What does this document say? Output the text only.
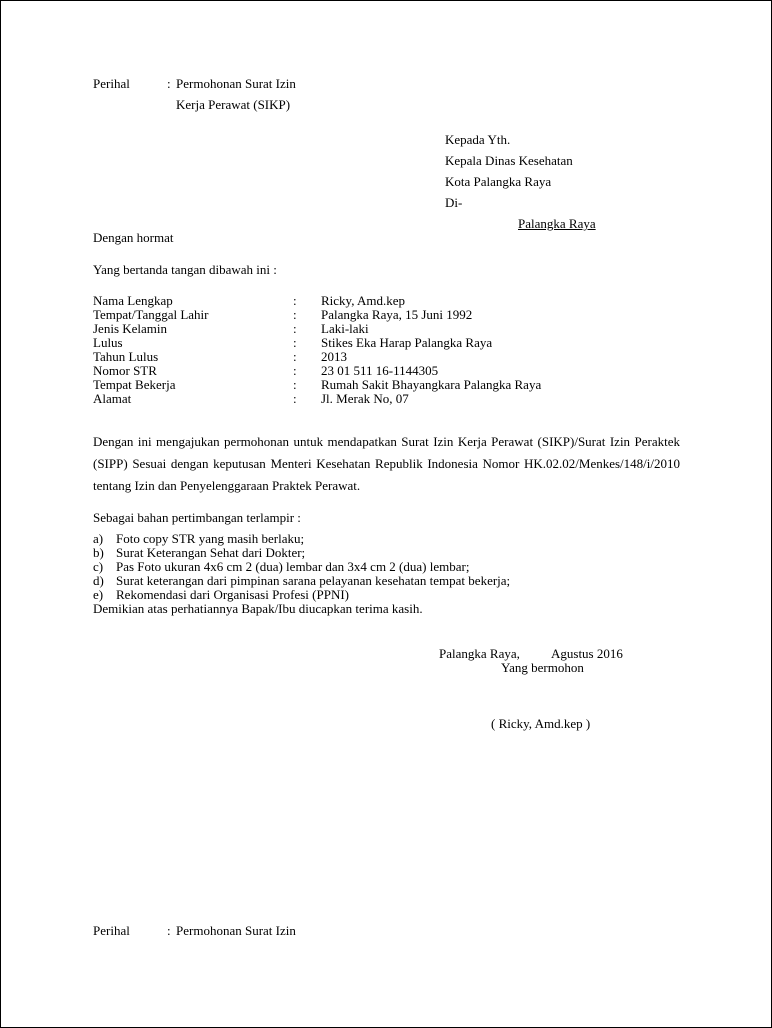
Perihal	: Permohonan Surat Izin
Kerja Perawat (SIKP)
Kepada Yth.
Kepala Dinas Kesehatan
Kota Palangka Raya
Di-
Palangka Raya
Dengan hormat
Yang bertanda tangan dibawah ini :
Nama Lengkap	: Ricky, Amd.kep
Tempat/Tanggal Lahir	: Palangka Raya, 15 Juni 1992
Jenis Kelamin	: Laki-laki
Lulus	: Stikes Eka Harap Palangka Raya
Tahun Lulus	: 2013
Nomor STR	: 23 01 511 16-1144305
Tempat Bekerja	: Rumah Sakit Bhayangkara Palangka Raya
Alamat	: Jl. Merak No, 07
Dengan ini mengajukan permohonan untuk mendapatkan Surat Izin Kerja Perawat (SIKP)/Surat Izin Peraktek (SIPP) Sesuai dengan keputusan Menteri Kesehatan Republik Indonesia Nomor HK.02.02/Menkes/148/i/2010 tentang Izin dan Penyelenggaraan Praktek Perawat.
Sebagai bahan pertimbangan terlampir :
a) Foto copy STR yang masih berlaku;
b) Surat Keterangan Sehat dari Dokter;
c) Pas Foto ukuran 4x6 cm 2 (dua) lembar dan 3x4 cm 2 (dua) lembar;
d) Surat keterangan dari pimpinan sarana pelayanan kesehatan tempat bekerja;
e) Rekomendasi dari Organisasi Profesi (PPNI)
Demikian atas perhatiannya Bapak/Ibu diucapkan terima kasih.
Palangka Raya, Agustus 2016
Yang bermohon
( Ricky, Amd.kep )
Perihal	: Permohonan Surat Izin
